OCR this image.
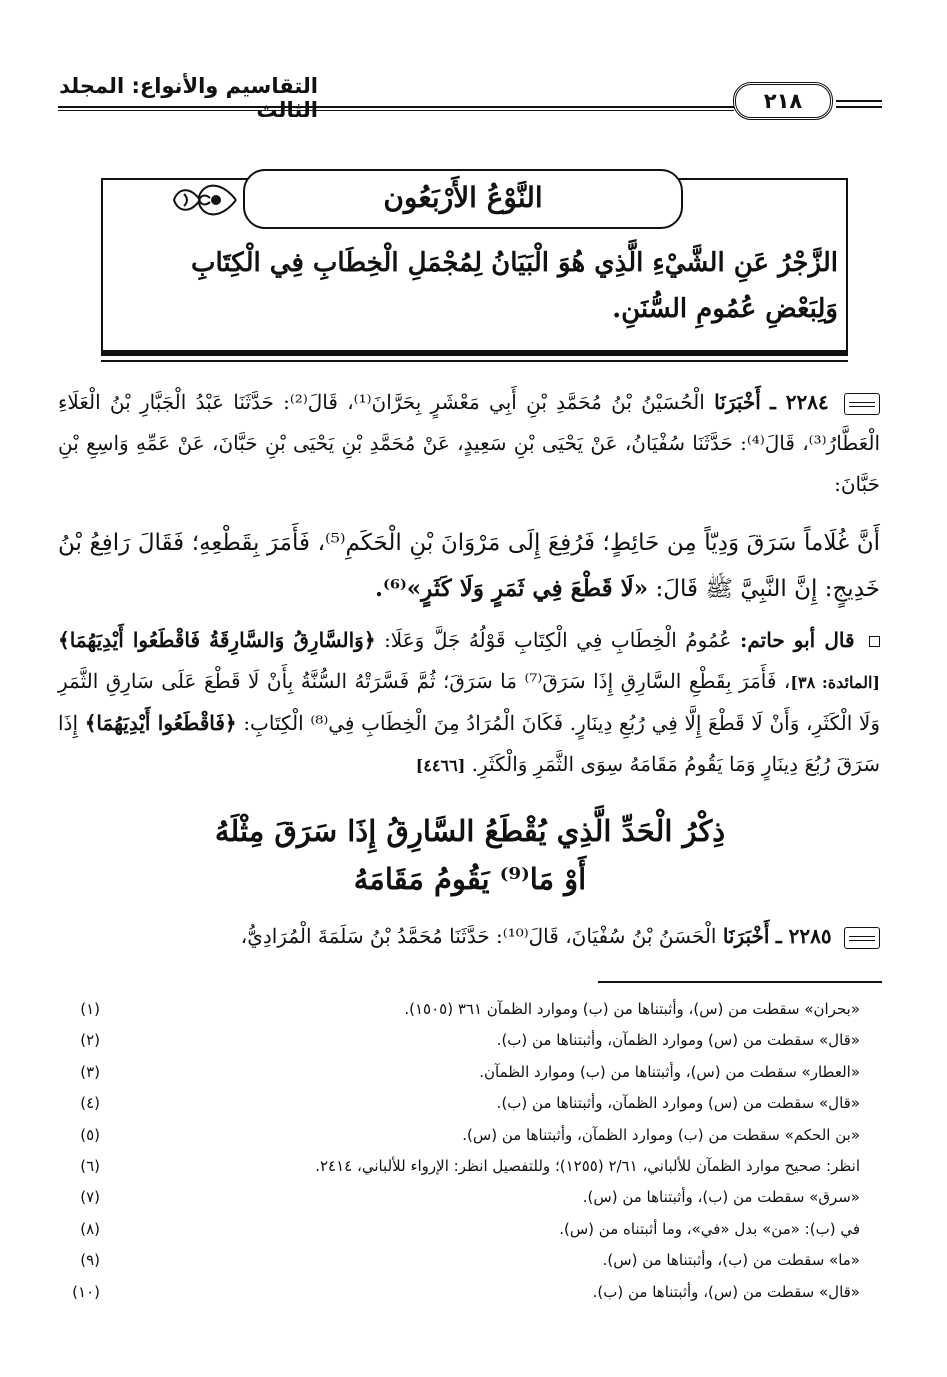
التقاسيم والأنواع: المجلد
٢١٨
النَّوْعُ الأَرْبَعُون
الزَّجْرُ عَنِ الشَّيْءِ الَّذِي هُوَ الْبَيَانُ لِمُجْمَلِ الْخِطَابِ فِي الْكِتَابِ وَلِبَعْضِ عُمُومِ السُّنَنِ.
٢٢٨٤ ـ أَخْبَرَنَا الْحُسَيْنُ بْنُ مُحَمَّدِ بْنِ أَبِي مَعْشَرٍ بِحَرَّانَ⁽¹⁾، قَالَ⁽²⁾: حَدَّثَنَا عَبْدُ الْجَبَّارِ بْنُ الْعَلَاءِ الْعَطَّارُ⁽³⁾، قَالَ⁽⁴⁾: حَدَّثَنَا سُفْيَانُ، عَنْ يَحْيَى بْنِ سَعِيدٍ، عَنْ مُحَمَّدِ بْنِ يَحْيَى بْنِ حَبَّانَ، عَنْ عَمِّهِ وَاسِعِ بْنِ حَبَّانَ:
أَنَّ غُلَاماً سَرَقَ وَدِيّاً مِن حَائِطٍ؛ فَرُفِعَ إِلَى مَرْوَانَ بْنِ الْحَكَمِ⁽⁵⁾، فَأَمَرَ بِقَطْعِهِ؛ فَقَالَ رَافِعُ بْنُ خَدِيجٍ: إِنَّ النَّبِيَّ ﷺ قَالَ: «لَا قَطْعَ فِي ثَمَرٍ وَلَا كَثَرٍ»⁽⁶⁾.
قال أبو حاتم: عُمُومُ الْخِطَابِ فِي الْكِتَابِ قَوْلُهُ جَلَّ وَعَلَا: ﴿وَالسَّارِقُ وَالسَّارِقَةُ فَاقْطَعُوا أَيْدِيَهُمَا﴾ [المائدة: ٣٨]، فَأَمَرَ بِقَطْعِ السَّارِقِ إِذَا سَرَقَ⁽⁷⁾ مَا سَرَقَ؛ ثُمَّ فَسَّرَتْهُ السُّنَّةُ بِأَنْ لَا قَطْعَ عَلَى سَارِقِ الثَّمَرِ وَلَا الْكَثَرِ، وَأَنْ لَا قَطْعَ إِلَّا فِي رُبُعِ دِينَارٍ. فَكَانَ الْمُرَادُ مِنَ الْخِطَابِ فِي⁽⁸⁾ الْكِتَابِ: ﴿فَاقْطَعُوا أَيْدِيَهُمَا﴾ إِذَا سَرَقَ رُبُعَ دِينَارٍ وَمَا يَقُومُ مَقَامَهُ سِوَى الثَّمَرِ وَالْكَثَرِ. [٤٤٦٦]
ذِكْرُ الْحَدِّ الَّذِي يُقْطَعُ السَّارِقُ إِذَا سَرَقَ مِثْلَهُ
أَوْ مَا⁽⁹⁾ يَقُومُ مَقَامَهُ
٢٢٨٥ ـ أَخْبَرَنَا الْحَسَنُ بْنُ سُفْيَانَ، قَالَ⁽¹⁰⁾: حَدَّثَنَا مُحَمَّدُ بْنُ سَلَمَةَ الْمُرَادِيُّ،
(١)	«بحران» سقطت من (س)، وأثبتناها من (ب) وموارد الظمآن ٣٦١ (١٥٠٥).
(٢)	«قال» سقطت من (س) وموارد الظمآن، وأثبتناها من (ب).
(٣)	«العطار» سقطت من (س)، وأثبتناها من (ب) وموارد الظمآن.
(٤)	«قال» سقطت من (س) وموارد الظمآن، وأثبتناها من (ب).
(٥)	«بن الحكم» سقطت من (ب) وموارد الظمآن، وأثبتناها من (س).
(٦)	انظر: صحيح موارد الظمآن للألباني، ٢/٦١ (١٢٥٥)؛ وللتفصيل انظر: الإرواء للألباني، ٢٤١٤.
(٧)	«سرق» سقطت من (ب)، وأثبتناها من (س).
(٨)	في (ب): «من» بدل «في»، وما أثبتناه من (س).
(٩)	«ما» سقطت من (ب)، وأثبتناها من (س).
(١٠)	«قال» سقطت من (س)، وأثبتناها من (ب).
